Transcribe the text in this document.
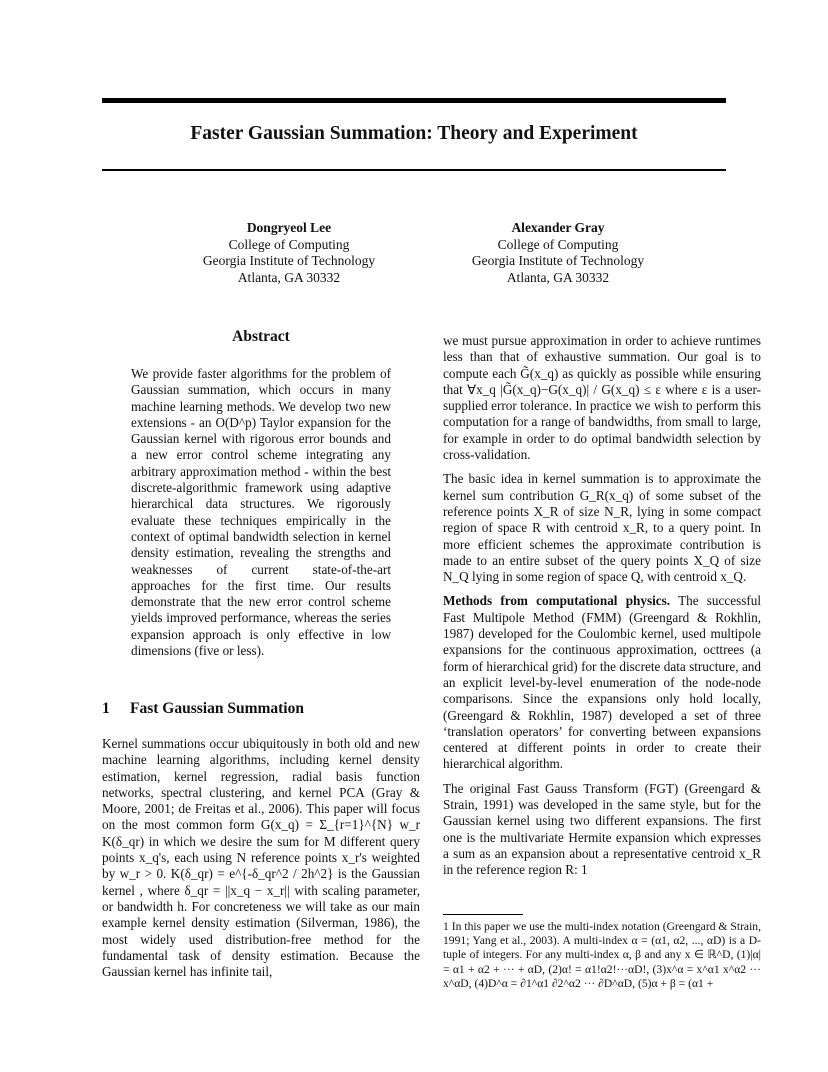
Faster Gaussian Summation: Theory and Experiment
Dongryeol Lee
College of Computing
Georgia Institute of Technology
Atlanta, GA 30332
Alexander Gray
College of Computing
Georgia Institute of Technology
Atlanta, GA 30332
Abstract
We provide faster algorithms for the problem of Gaussian summation, which occurs in many machine learning methods. We develop two new extensions - an O(D^p) Taylor expansion for the Gaussian kernel with rigorous error bounds and a new error control scheme integrating any arbitrary approximation method - within the best discrete-algorithmic framework using adaptive hierarchical data structures. We rigorously evaluate these techniques empirically in the context of optimal bandwidth selection in kernel density estimation, revealing the strengths and weaknesses of current state-of-the-art approaches for the first time. Our results demonstrate that the new error control scheme yields improved performance, whereas the series expansion approach is only effective in low dimensions (five or less).
1 Fast Gaussian Summation

Kernel summations occur ubiquitously in both old and new machine learning algorithms, including kernel density estimation, kernel regression, radial basis function networks, spectral clustering, and kernel PCA (Gray & Moore, 2001; de Freitas et al., 2006). This paper will focus on the most common form G(x_q) = Σ_{r=1}^{N} w_r K(δ_qr) in which we desire the sum for M different query points x_q's, each using N reference points x_r's weighted by w_r > 0. K(δ_qr) = e^{-δ_qr^2 / 2h^2} is the Gaussian kernel , where δ_qr = ||x_q − x_r|| with scaling parameter, or bandwidth h. For concreteness we will take as our main example kernel density estimation (Silverman, 1986), the most widely used distribution-free method for the fundamental task of density estimation. Because the Gaussian kernel has infinite tail,

we must pursue approximation in order to achieve runtimes less than that of exhaustive summation. Our goal is to compute each G̃(x_q) as quickly as possible while ensuring that ∀x_q |G̃(x_q)−G(x_q)| / G(x_q) ≤ ε where ε is a user-supplied error tolerance. In practice we wish to perform this computation for a range of bandwidths, from small to large, for example in order to do optimal bandwidth selection by cross-validation.

The basic idea in kernel summation is to approximate the kernel sum contribution G_R(x_q) of some subset of the reference points X_R of size N_R, lying in some compact region of space R with centroid x_R, to a query point. In more efficient schemes the approximate contribution is made to an entire subset of the query points X_Q of size N_Q lying in some region of space Q, with centroid x_Q.

Methods from computational physics. The successful Fast Multipole Method (FMM) (Greengard & Rokhlin, 1987) developed for the Coulombic kernel, used multipole expansions for the continuous approximation, octtrees (a form of hierarchical grid) for the discrete data structure, and an explicit level-by-level enumeration of the node-node comparisons. Since the expansions only hold locally, (Greengard & Rokhlin, 1987) developed a set of three ‘translation operators’ for converting between expansions centered at different points in order to create their hierarchical algorithm.

The original Fast Gauss Transform (FGT) (Greengard & Strain, 1991) was developed in the same style, but for the Gaussian kernel using two different expansions. The first one is the multivariate Hermite expansion which expresses a sum as an expansion about a representative centroid x_R in the reference region R: 1

1 In this paper we use the multi-index notation (Greengard & Strain, 1991; Yang et al., 2003). A multi-index α = (α1, α2, ..., αD) is a D-tuple of integers. For any multi-index α, β and any x ∈ ℝ^D, (1)|α| = α1 + α2 + ··· + αD, (2)α! = α1!α2!···αD!, (3)x^α = x^α1 x^α2 ··· x^αD, (4)D^α = ∂1^α1 ∂2^α2 ··· ∂D^αD, (5)α + β = (α1 +
